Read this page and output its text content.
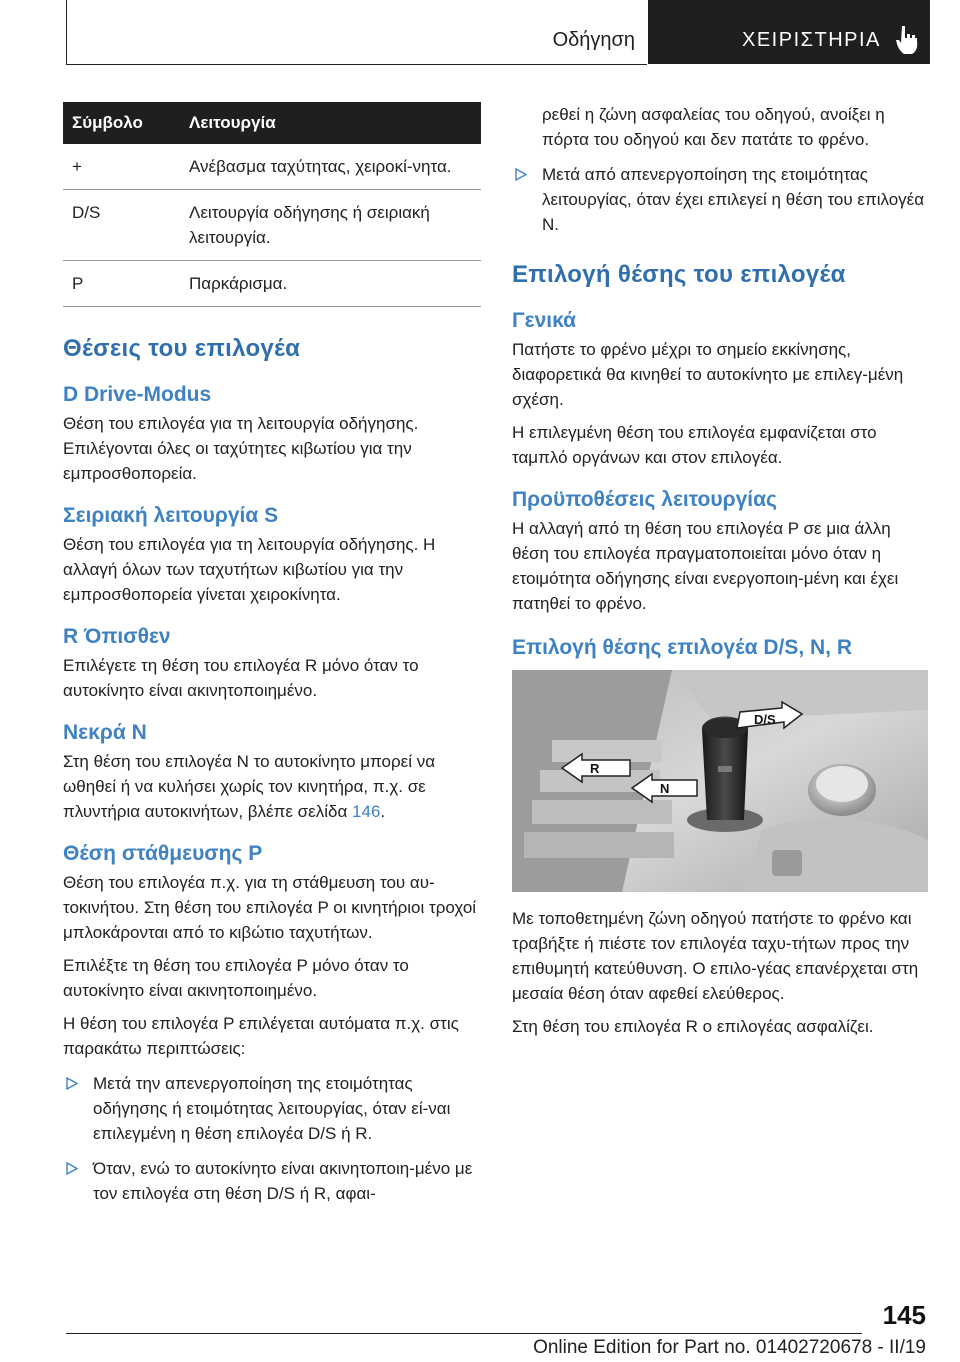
Οδήγηση	ΧΕΙΡΙΣΤΗΡΙΑ
Σύμβολο	Λειτουργία
+	Ανέβασμα ταχύτητας, χειροκί-νητα.
D/S	Λειτουργία οδήγησης ή σειριακή λειτουργία.
P	Παρκάρισμα.
Θέσεις του επιλογέα
D Drive-Modus

Θέση του επιλογέα για τη λειτουργία οδήγησης. Επιλέγονται όλες οι ταχύτητες κιβωτίου για την εμπροσθοπορεία.

Σειριακή λειτουργία S

Θέση του επιλογέα για τη λειτουργία οδήγησης. Η αλλαγή όλων των ταχυτήτων κιβωτίου για την εμπροσθοπορεία γίνεται χειροκίνητα.

R Όπισθεν

Επιλέγετε τη θέση του επιλογέα R μόνο όταν το αυτοκίνητο είναι ακινητοποιημένο.

Νεκρά N

Στη θέση του επιλογέα N το αυτοκίνητο μπορεί να ωθηθεί ή να κυλήσει χωρίς τον κινητήρα, π.χ. σε πλυντήρια αυτοκινήτων, βλέπε σελίδα 146.

Θέση στάθμευσης P

Θέση του επιλογέα π.χ. για τη στάθμευση του αυ-τοκινήτου. Στη θέση του επιλογέα P οι κινητήριοι τροχοί μπλοκάρονται από το κιβώτιο ταχυτήτων.

Επιλέξτε τη θέση του επιλογέα P μόνο όταν το αυτοκίνητο είναι ακινητοποιημένο.

Η θέση του επιλογέα P επιλέγεται αυτόματα π.χ. στις παρακάτω περιπτώσεις:

Μετά την απενεργοποίηση της ετοιμότητας οδήγησης ή ετοιμότητας λειτουργίας, όταν εί-ναι επιλεγμένη η θέση επιλογέα D/S ή R.
Όταν, ενώ το αυτοκίνητο είναι ακινητοποιη-μένο με τον επιλογέα στη θέση D/S ή R, αφαι-

ρεθεί η ζώνη ασφαλείας του οδηγού, ανοίξει η πόρτα του οδηγού και δεν πατάτε το φρένο.

Μετά από απενεργοποίηση της ετοιμότητας λειτουργίας, όταν έχει επιλεγεί η θέση του επιλογέα N.
Επιλογή θέσης του επιλογέα
Γενικά

Πατήστε το φρένο μέχρι το σημείο εκκίνησης, διαφορετικά θα κινηθεί το αυτοκίνητο με επιλεγ-μένη σχέση.

Η επιλεγμένη θέση του επιλογέα εμφανίζεται στο ταμπλό οργάνων και στον επιλογέα.

Προϋποθέσεις λειτουργίας

Η αλλαγή από τη θέση του επιλογέα P σε μια άλλη θέση του επιλογέα πραγματοποιείται μόνο όταν η ετοιμότητα οδήγησης είναι ενεργοποιη-μένη και έχει πατηθεί το φρένο.

Επιλογή θέσης επιλογέα D/S, N, R
R
N
D/S

Με τοποθετημένη ζώνη οδηγού πατήστε το φρένο και τραβήξτε ή πιέστε τον επιλογέα ταχυ-τήτων προς την επιθυμητή κατεύθυνση. Ο επιλο-γέας επανέρχεται στη μεσαία θέση όταν αφεθεί ελεύθερος.

Στη θέση του επιλογέα R ο επιλογέας ασφαλίζει.

145
Online Edition for Part no. 01402720678 - II/19
